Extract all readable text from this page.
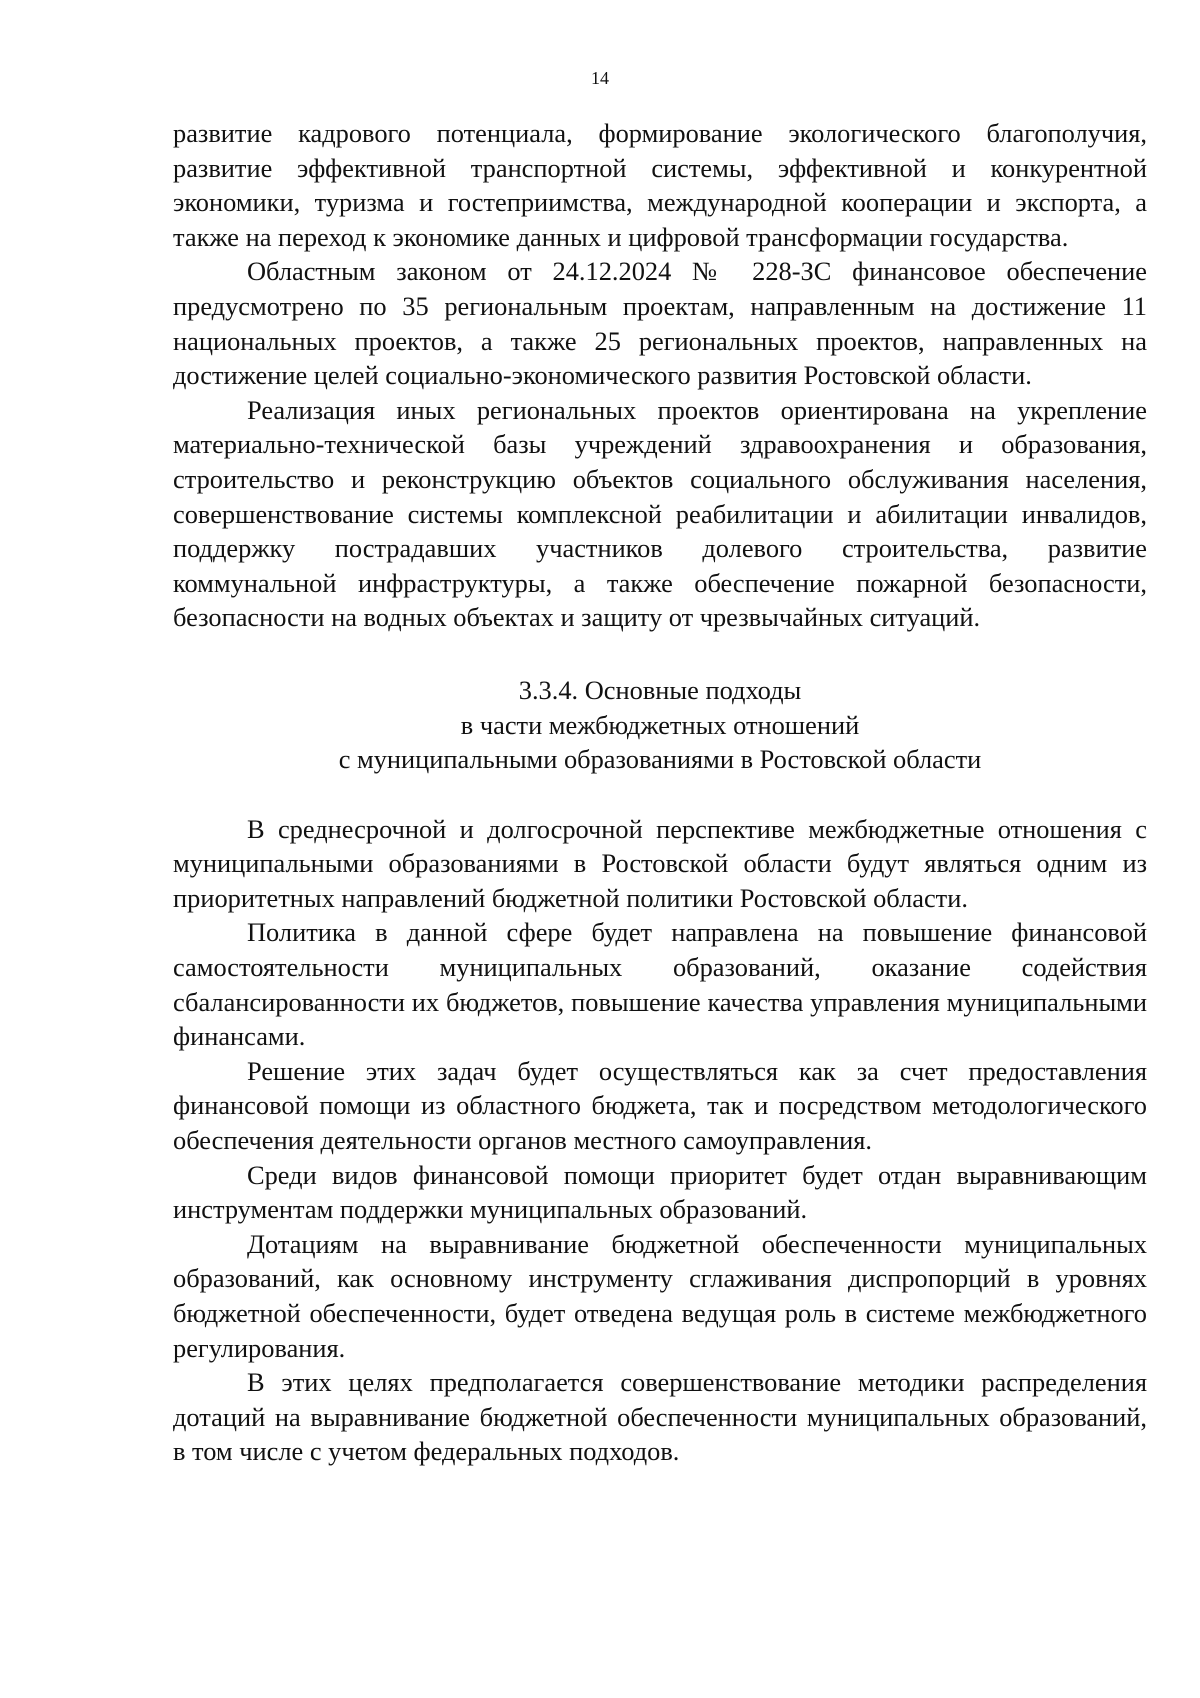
14

развитие кадрового потенциала, формирование экологического благополучия, развитие эффективной транспортной системы, эффективной и конкурентной экономики, туризма и гостеприимства, международной кооперации и экспорта, а также на переход к экономике данных и цифровой трансформации государства.

Областным законом от 24.12.2024 № 228-ЗС финансовое обеспечение предусмотрено по 35 региональным проектам, направленным на достижение 11 национальных проектов, а также 25 региональных проектов, направленных на достижение целей социально-экономического развития Ростовской области.

Реализация иных региональных проектов ориентирована на укрепление материально-технической базы учреждений здравоохранения и образования, строительство и реконструкцию объектов социального обслуживания населения, совершенствование системы комплексной реабилитации и абилитации инвалидов, поддержку пострадавших участников долевого строительства, развитие коммунальной инфраструктуры, а также обеспечение пожарной безопасности, безопасности на водных объектах и защиту от чрезвычайных ситуаций.

3.3.4. Основные подходы
в части межбюджетных отношений
с муниципальными образованиями в Ростовской области

В среднесрочной и долгосрочной перспективе межбюджетные отношения с муниципальными образованиями в Ростовской области будут являться одним из приоритетных направлений бюджетной политики Ростовской области.

Политика в данной сфере будет направлена на повышение финансовой самостоятельности муниципальных образований, оказание содействия сбалансированности их бюджетов, повышение качества управления муниципальными финансами.

Решение этих задач будет осуществляться как за счет предоставления финансовой помощи из областного бюджета, так и посредством методологического обеспечения деятельности органов местного самоуправления.

Среди видов финансовой помощи приоритет будет отдан выравнивающим инструментам поддержки муниципальных образований.

Дотациям на выравнивание бюджетной обеспеченности муниципальных образований, как основному инструменту сглаживания диспропорций в уровнях бюджетной обеспеченности, будет отведена ведущая роль в системе межбюджетного регулирования.

В этих целях предполагается совершенствование методики распределения дотаций на выравнивание бюджетной обеспеченности муниципальных образований, в том числе с учетом федеральных подходов.
